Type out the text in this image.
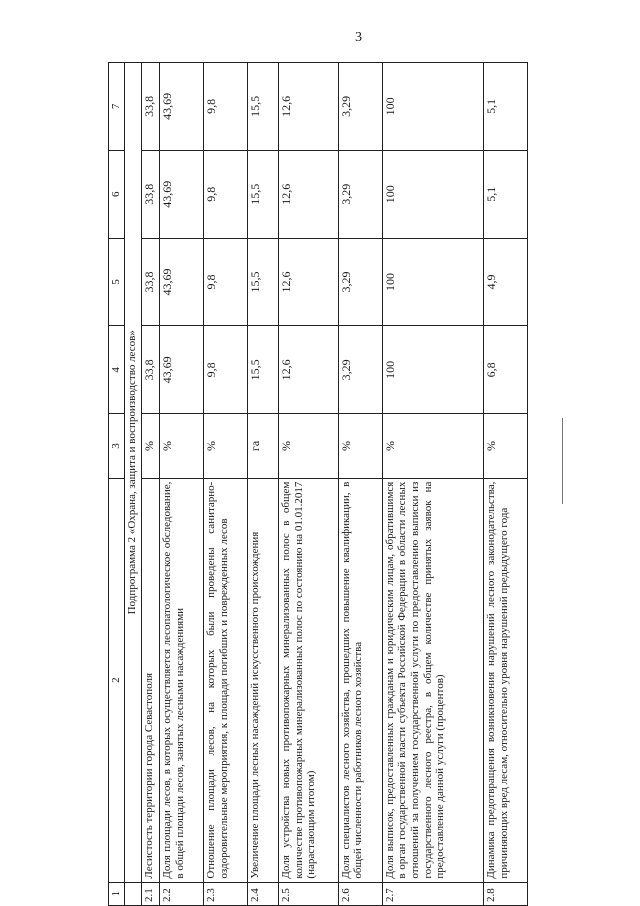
3
1	2	3	4	5	6	7
	Подпрограмма 2 «Охрана, защита и воспроизводство лесов»					
2.1	Лесистость территории города Севастополя	%	33,8	33,8	33,8	33,8
2.2	Доля площади лесов, в которых осуществляется лесопатологическое обследование, в общей площади лесов, занятых лесными насаждениями	%	43,69	43,69	43,69	43,69
2.3	Отношение площади лесов, на которых были проведены санитарно-оздоровительные мероприятия, к площади погибших и поврежденных лесов	%	9,8	9,8	9,8	9,8
2.4	Увеличение площади лесных насаждений искусственного происхождения	га	15,5	15,5	15,5	15,5
2.5	Доля устройства новых противопожарных минерализованных полос в общем количестве противопожарных минерализованных полос по состоянию на 01.01.2017 (нарастающим итогом)	%	12,6	12,6	12,6	12,6
2.6	Доля специалистов лесного хозяйства, прошедших повышение квалификации, в общей численности работников лесного хозяйства	%	3,29	3,29	3,29	3,29
2.7	Доля выписок, предоставленных гражданам и юридическим лицам, обратившимся в орган государственной власти субъекта Российской Федерации в области лесных отношений за получением государственной услуги по предоставлению выписки из государственного лесного реестра, в общем количестве принятых заявок на предоставление данной услуги (процентов)	%	100	100	100	100
2.8	Динамика предотвращения возникновения нарушений лесного законодательства, причиняющих вред лесам, относительно уровня нарушений предыдущего года	%	6,8	4,9	5,1	5,1
